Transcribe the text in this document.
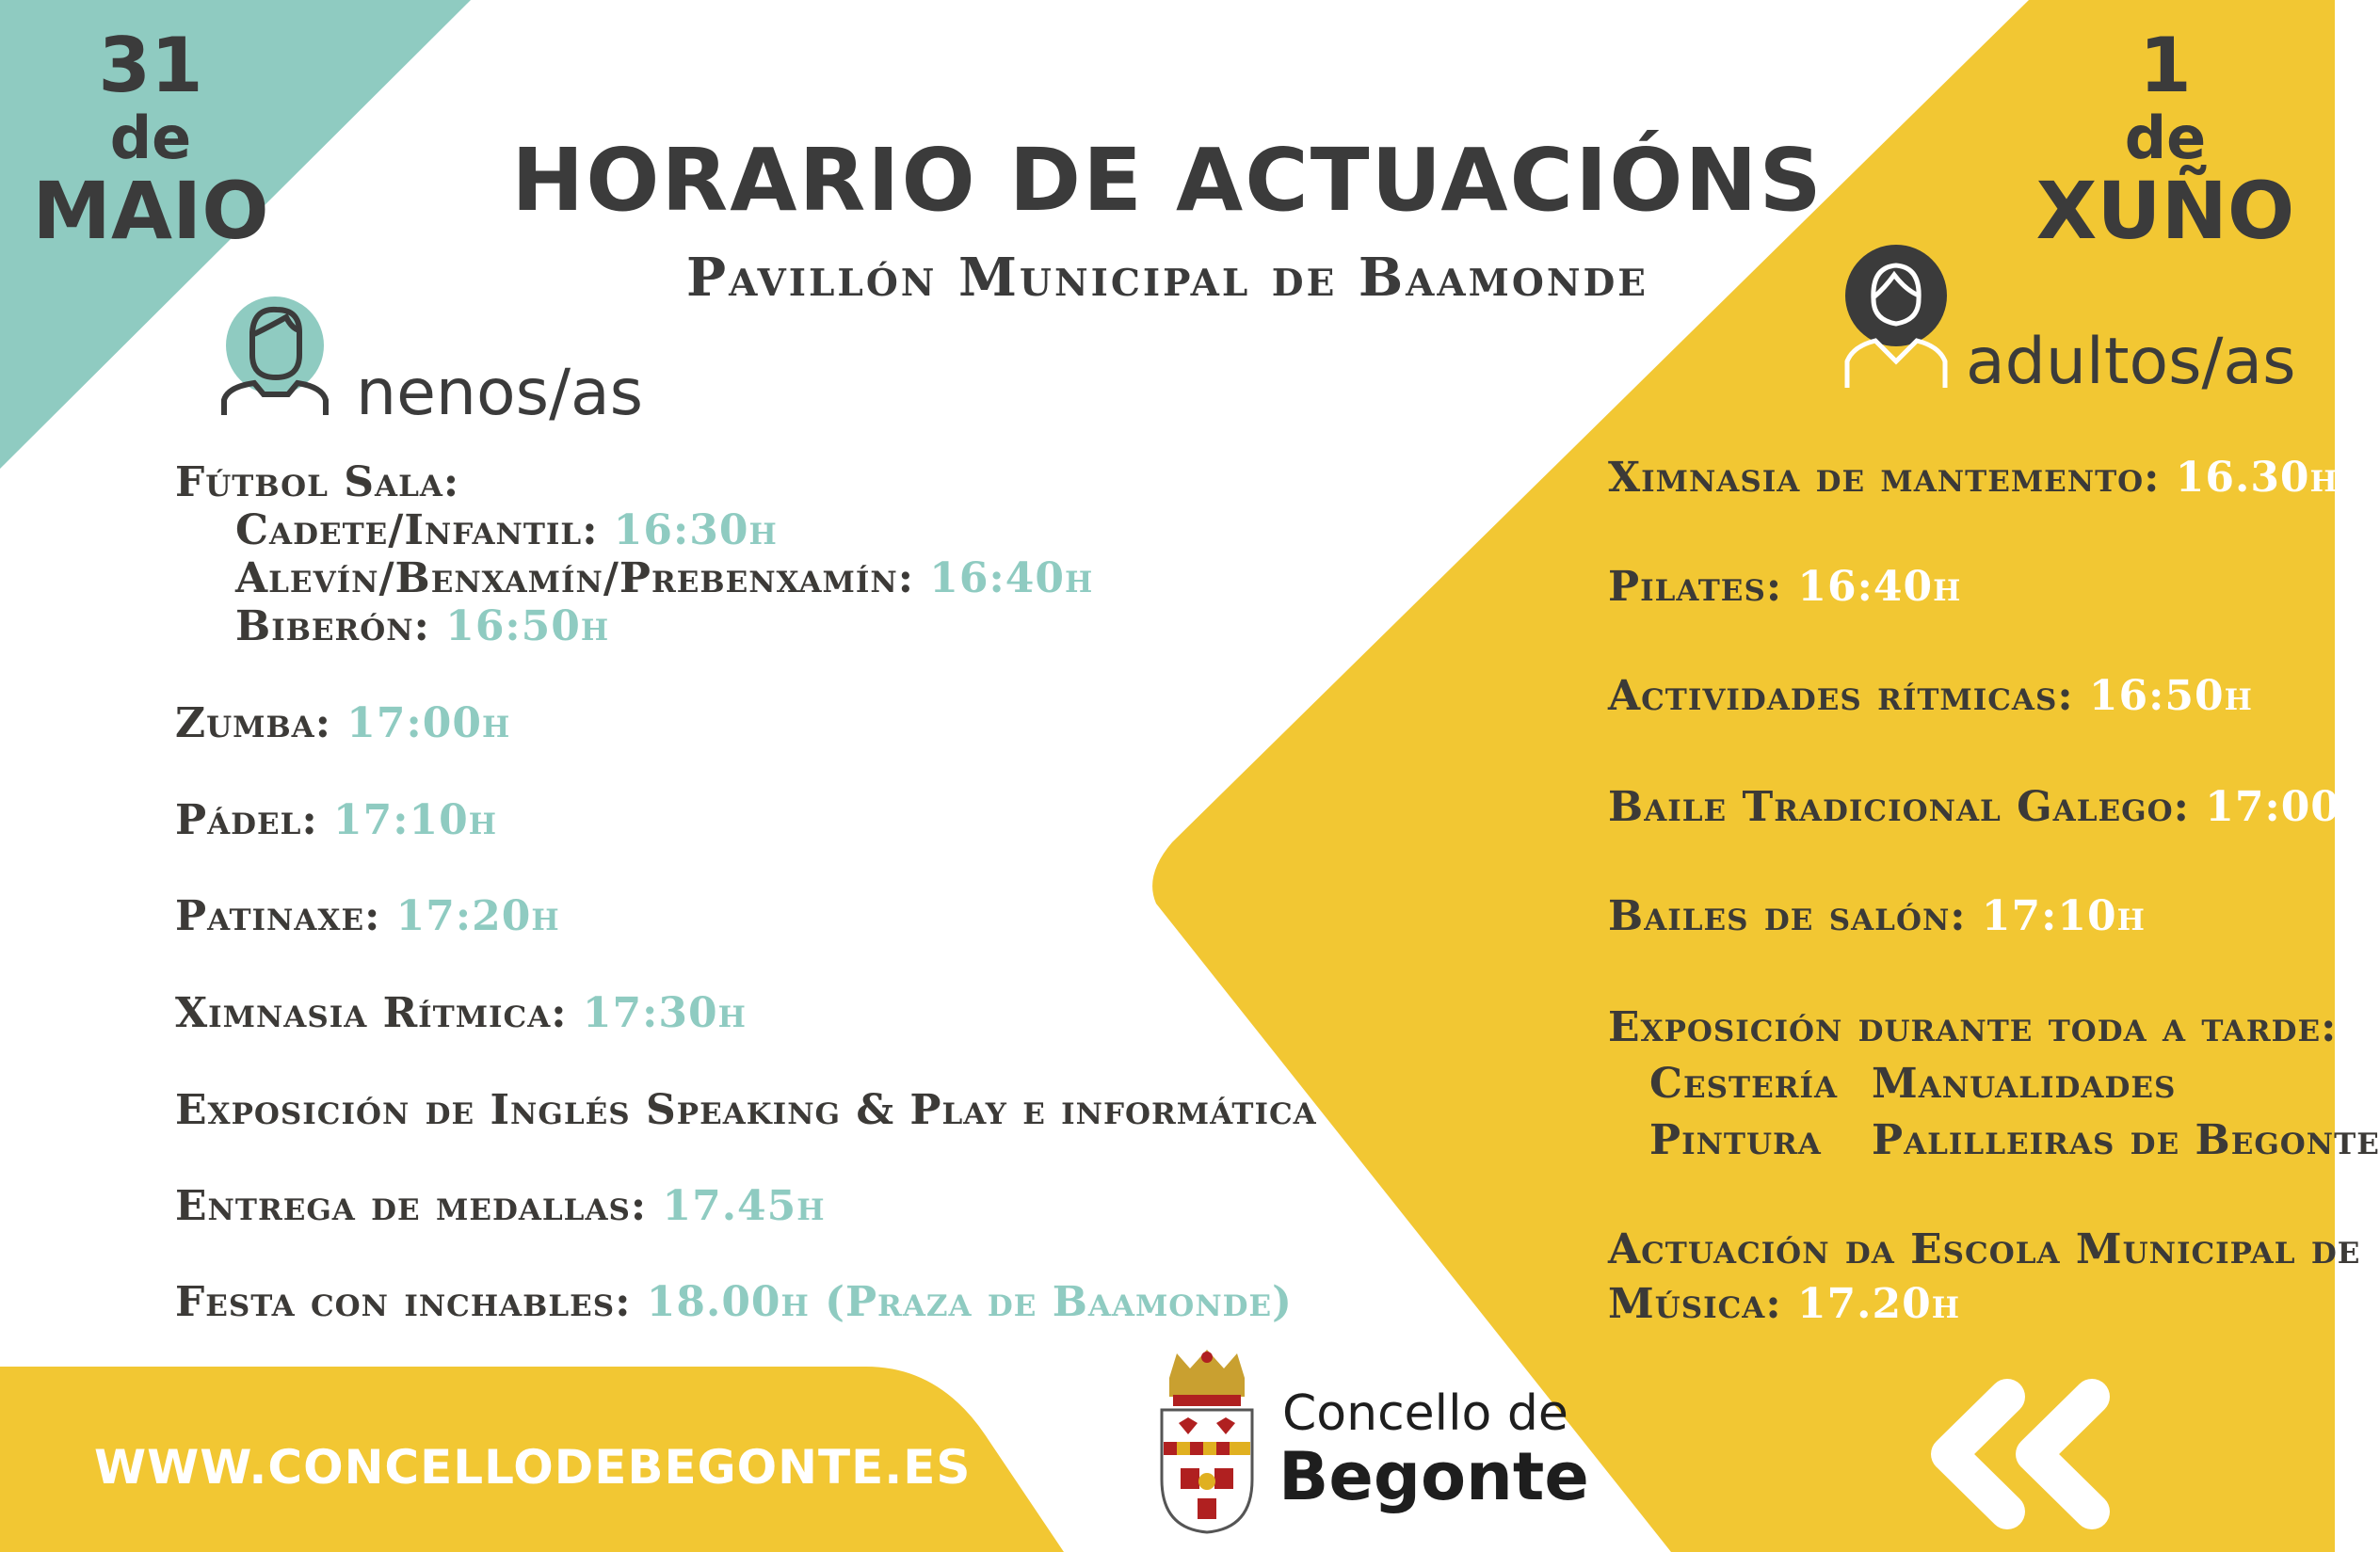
31
de
MAIO
1
de
XUÑO
HORARIO DE ACTUACIÓNS
Pavillón Municipal de Baamonde
nenos/as	adultos/as
Fútbol Sala:
Cadete/Infantil: 16:30h
Alevín/Benxamín/Prebenxamín: 16:40h
Biberón: 16:50h
Zumba: 17:00h
Pádel: 17:10h
Patinaxe: 17:20h
Ximnasia Rítmica: 17:30h
Exposición de Inglés Speaking & Play e informática
Entrega de medallas: 17.45h
Festa con inchables: 18.00h (Praza de Baamonde)
Ximnasia de mantemento: 16.30h
Pilates: 16:40h
Actividades rítmicas: 16:50h
Baile Tradicional Galego: 17:00h
Bailes de salón: 17:10h
Exposición durante toda a tarde:
Cestería Manualidades
Pintura Palilleiras de Begonte
Actuación da Escola Municipal de
Música: 17.20h
WWW.CONCELLODEBEGONTE.ES
Concello de
Begonte
